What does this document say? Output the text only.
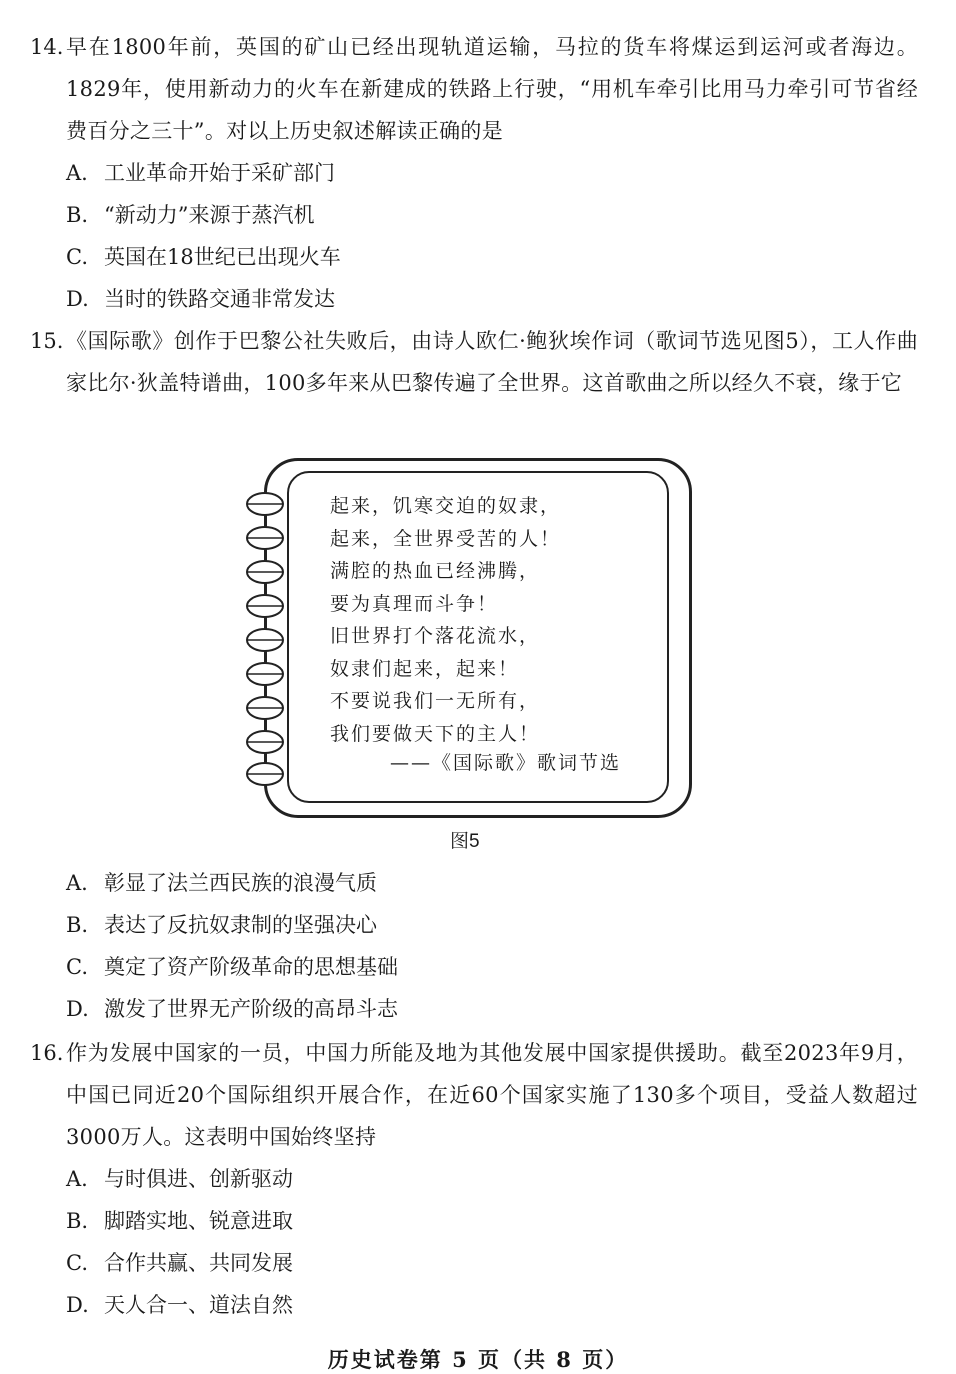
14. 早在1800年前，英国的矿山已经出现轨道运输，马拉的货车将煤运到运河或者海边。1829年，使用新动力的火车在新建成的铁路上行驶，“用机车牵引比用马力牵引可节省经费百分之三十”。对以上历史叙述解读正确的是
A. 工业革命开始于采矿部门
B. “新动力”来源于蒸汽机
C. 英国在18世纪已出现火车
D. 当时的铁路交通非常发达
15. 《国际歌》创作于巴黎公社失败后，由诗人欧仁·鲍狄埃作词（歌词节选见图5），工人作曲家比尔·狄盖特谱曲，100多年来从巴黎传遍了全世界。这首歌曲之所以经久不衰，缘于它
起来，饥寒交迫的奴隶，
起来，全世界受苦的人！
满腔的热血已经沸腾，
要为真理而斗争！
旧世界打个落花流水，
奴隶们起来，起来！
不要说我们一无所有，
我们要做天下的主人！
——《国际歌》歌词节选
图5
A. 彰显了法兰西民族的浪漫气质
B. 表达了反抗奴隶制的坚强决心
C. 奠定了资产阶级革命的思想基础
D. 激发了世界无产阶级的高昂斗志
16. 作为发展中国家的一员，中国力所能及地为其他发展中国家提供援助。截至2023年9月，中国已同近20个国际组织开展合作，在近60个国家实施了130多个项目，受益人数超过3000万人。这表明中国始终坚持
A. 与时俱进、创新驱动
B. 脚踏实地、锐意进取
C. 合作共赢、共同发展
D. 天人合一、道法自然
历史试卷第 5 页（共 8 页）
